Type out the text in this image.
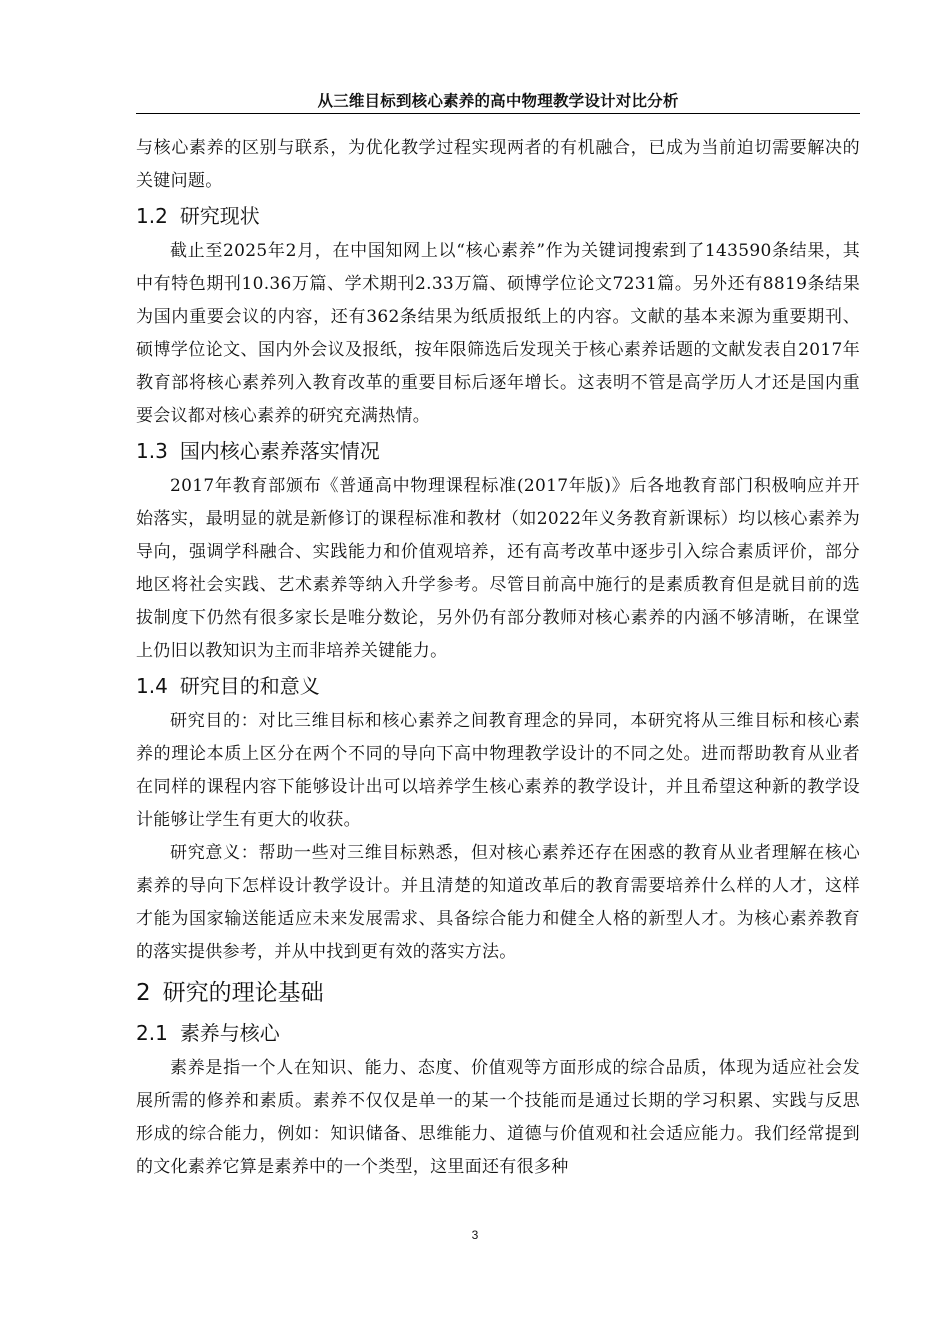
从三维目标到核心素养的高中物理教学设计对比分析

与核心素养的区别与联系，为优化教学过程实现两者的有机融合，已成为当前迫切需要解决的关键问题。

1.2 研究现状

截止至2025年2月，在中国知网上以“核心素养”作为关键词搜索到了143590条结果，其中有特色期刊10.36万篇、学术期刊2.33万篇、硕博学位论文7231篇。另外还有8819条结果为国内重要会议的内容，还有362条结果为纸质报纸上的内容。文献的基本来源为重要期刊、硕博学位论文、国内外会议及报纸，按年限筛选后发现关于核心素养话题的文献发表自2017年教育部将核心素养列入教育改革的重要目标后逐年增长。这表明不管是高学历人才还是国内重要会议都对核心素养的研究充满热情。

1.3 国内核心素养落实情况

2017年教育部颁布《普通高中物理课程标准(2017年版)》后各地教育部门积极响应并开始落实，最明显的就是新修订的课程标准和教材（如2022年义务教育新课标）均以核心素养为导向，强调学科融合、实践能力和价值观培养，还有高考改革中逐步引入综合素质评价，部分地区将社会实践、艺术素养等纳入升学参考。尽管目前高中施行的是素质教育但是就目前的选拔制度下仍然有很多家长是唯分数论，另外仍有部分教师对核心素养的内涵不够清晰，在课堂上仍旧以教知识为主而非培养关键能力。

1.4 研究目的和意义

研究目的：对比三维目标和核心素养之间教育理念的异同，本研究将从三维目标和核心素养的理论本质上区分在两个不同的导向下高中物理教学设计的不同之处。进而帮助教育从业者在同样的课程内容下能够设计出可以培养学生核心素养的教学设计，并且希望这种新的教学设计能够让学生有更大的收获。

研究意义：帮助一些对三维目标熟悉，但对核心素养还存在困惑的教育从业者理解在核心素养的导向下怎样设计教学设计。并且清楚的知道改革后的教育需要培养什么样的人才，这样才能为国家输送能适应未来发展需求、具备综合能力和健全人格的新型人才。为核心素养教育的落实提供参考，并从中找到更有效的落实方法。

2 研究的理论基础
2.1 素养与核心

素养是指一个人在知识、能力、态度、价值观等方面形成的综合品质，体现为适应社会发展所需的修养和素质。素养不仅仅是单一的某一个技能而是通过长期的学习积累、实践与反思形成的综合能力，例如：知识储备、思维能力、道德与价值观和社会适应能力。我们经常提到的文化素养它算是素养中的一个类型，这里面还有很多种

3
